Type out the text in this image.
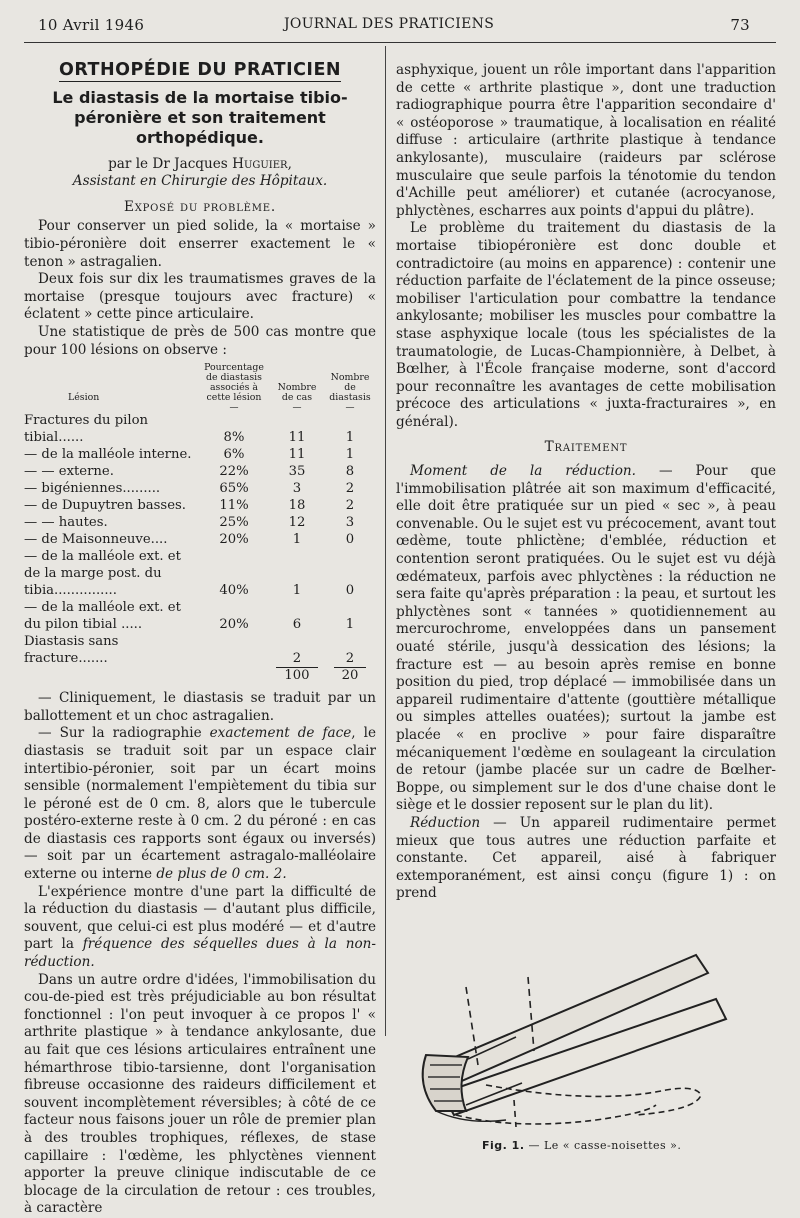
10 Avril 1946	JOURNAL DES PRATICIENS	73
ORTHOPÉDIE DU PRATICIEN
Le diastasis de la mortaise tibio-péronière et son traitement orthopédique.

par le Dr Jacques Huguier,

Assistant en Chirurgie des Hôpitaux.

Exposé du problème.

Pour conserver un pied solide, la « mortaise » tibio-péronière doit enserrer exactement le « tenon » astragalien.

Deux fois sur dix les traumatismes graves de la mortaise (presque toujours avec fracture) « éclatent » cette pince articulaire.

Une statistique de près de 500 cas montre que pour 100 lésions on observe :

Lésion	Pourcentage de diastasis associés à cette lésion	Nombre de cas	Nombre de diastasis
	—	—	—
Fractures du pilon tibial......	8%	11	1
— de la malléole interne.	6%	11	1
— — externe.	22%	35	8
— bigéniennes.........	65%	3	2
— de Dupuytren basses.	11%	18	2
— — hautes.	25%	12	3
— de Maisonneuve....	20%	1	0
— de la malléole ext. et de la marge post. du tibia...............	40%	1	0
— de la malléole ext. et du pilon tibial .....	20%	6	1
Diastasis sans fracture.......		2	2
		100	20

— Cliniquement, le diastasis se traduit par un ballottement et un choc astragalien.

— Sur la radiographie exactement de face, le diastasis se traduit soit par un espace clair intertibio-péronier, soit par un écart moins sensible (normalement l'empiètement du tibia sur le péroné est de 0 cm. 8, alors que le tubercule postéro-externe reste à 0 cm. 2 du péroné : en cas de diastasis ces rapports sont égaux ou inversés) — soit par un écartement astragalo-malléolaire externe ou interne de plus de 0 cm. 2.

L'expérience montre d'une part la difficulté de la réduction du diastasis — d'autant plus difficile, souvent, que celui-ci est plus modéré — et d'autre part la fréquence des séquelles dues à la non-réduction.

Dans un autre ordre d'idées, l'immobilisation du cou-de-pied est très préjudiciable au bon résultat fonctionnel : l'on peut invoquer à ce propos l' « arthrite plastique » à tendance ankylosante, due au fait que ces lésions articulaires entraînent une hémarthrose tibio-tarsienne, dont l'organisation fibreuse occasionne des raideurs difficilement et souvent incomplètement réversibles; à côté de ce facteur nous faisons jouer un rôle de premier plan à des troubles trophiques, réflexes, de stase capillaire : l'œdème, les phlyctènes viennent apporter la preuve clinique indiscutable de ce blocage de la circulation de retour : ces troubles, à caractère

asphyxique, jouent un rôle important dans l'apparition de cette « arthrite plastique », dont une traduction radiographique pourra être l'apparition secondaire d' « ostéoporose » traumatique, à localisation en réalité diffuse : articulaire (arthrite plastique à tendance ankylosante), musculaire (raideurs par sclérose musculaire que seule parfois la ténotomie du tendon d'Achille peut améliorer) et cutanée (acrocyanose, phlyctènes, escharres aux points d'appui du plâtre).

Le problème du traitement du diastasis de la mortaise tibiopéronière est donc double et contradictoire (au moins en apparence) : contenir une réduction parfaite de l'éclatement de la pince osseuse; mobiliser l'articulation pour combattre la tendance ankylosante; mobiliser les muscles pour combattre la stase asphyxique locale (tous les spécialistes de la traumatologie, de Lucas-Championnière, à Delbet, à Bœlher, à l'École française moderne, sont d'accord pour reconnaître les avantages de cette mobilisation précoce des articulations « juxta-fracturaires », en général).

Traitement

Moment de la réduction. — Pour que l'immobilisation plâtrée ait son maximum d'efficacité, elle doit être pratiquée sur un pied « sec », à peau convenable. Ou le sujet est vu précocement, avant tout œdème, toute phlictène; d'emblée, réduction et contention seront pratiquées. Ou le sujet est vu déjà œdémateux, parfois avec phlyctènes : la réduction ne sera faite qu'après préparation : la peau, et surtout les phlyctènes sont « tannées » quotidiennement au mercurochrome, enveloppées dans un pansement ouaté stérile, jusqu'à dessication des lésions; la fracture est — au besoin après remise en bonne position du pied, trop déplacé — immobilisée dans un appareil rudimentaire d'attente (gouttière métallique ou simples attelles ouatées); surtout la jambe est placée « en proclive » pour faire disparaître mécaniquement l'œdème en soulageant la circulation de retour (jambe placée sur un cadre de Bœlher-Boppe, ou simplement sur le dos d'une chaise dont le siège et le dossier reposent sur le plan du lit).

Réduction — Un appareil rudimentaire permet mieux que tous autres une réduction parfaite et constante. Cet appareil, aisé à fabriquer extemporanément, est ainsi conçu (figure 1) : on prend

Fig. 1. — Le « casse-noisettes ».
